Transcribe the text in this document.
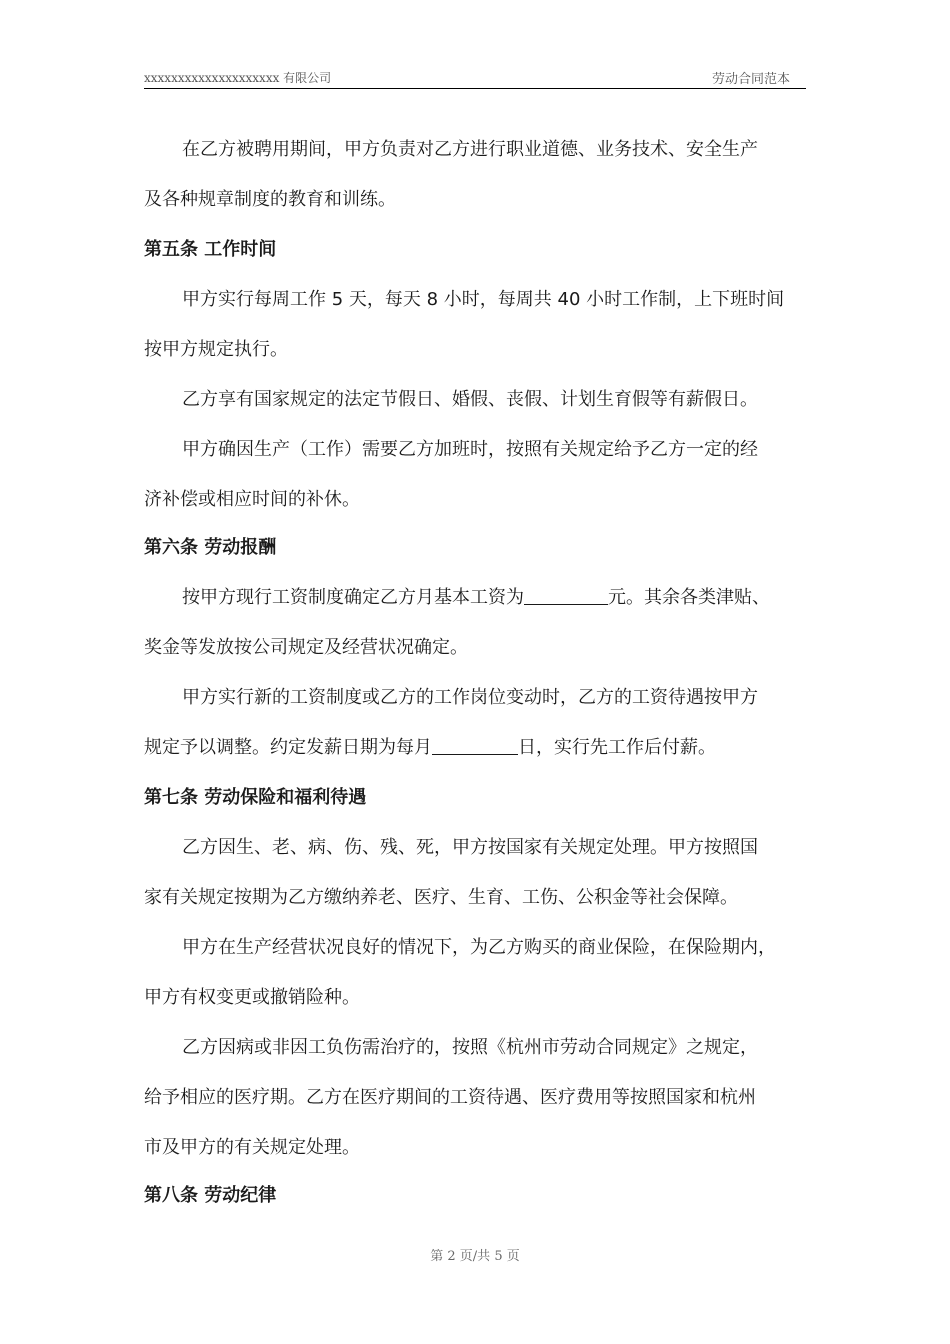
xxxxxxxxxxxxxxxxxxxx 有限公司	劳动合同范本
在乙方被聘用期间，甲方负责对乙方进行职业道德、业务技术、安全生产
及各种规章制度的教育和训练。
第五条 工作时间
甲方实行每周工作 5 天，每天 8 小时，每周共 40 小时工作制，上下班时间
按甲方规定执行。
乙方享有国家规定的法定节假日、婚假、丧假、计划生育假等有薪假日。
甲方确因生产（工作）需要乙方加班时，按照有关规定给予乙方一定的经
济补偿或相应时间的补休。
第六条 劳动报酬
按甲方现行工资制度确定乙方月基本工资为	元。其余各类津贴、
奖金等发放按公司规定及经营状况确定。
甲方实行新的工资制度或乙方的工作岗位变动时，乙方的工资待遇按甲方
规定予以调整。约定发薪日期为每月	日，实行先工作后付薪。
第七条 劳动保险和福利待遇
乙方因生、老、病、伤、残、死，甲方按国家有关规定处理。甲方按照国
家有关规定按期为乙方缴纳养老、医疗、生育、工伤、公积金等社会保障。
甲方在生产经营状况良好的情况下，为乙方购买的商业保险，在保险期内，
甲方有权变更或撤销险种。
乙方因病或非因工负伤需治疗的，按照《杭州市劳动合同规定》之规定，
给予相应的医疗期。乙方在医疗期间的工资待遇、医疗费用等按照国家和杭州
市及甲方的有关规定处理。
第八条 劳动纪律
第 2 页/共 5 页
